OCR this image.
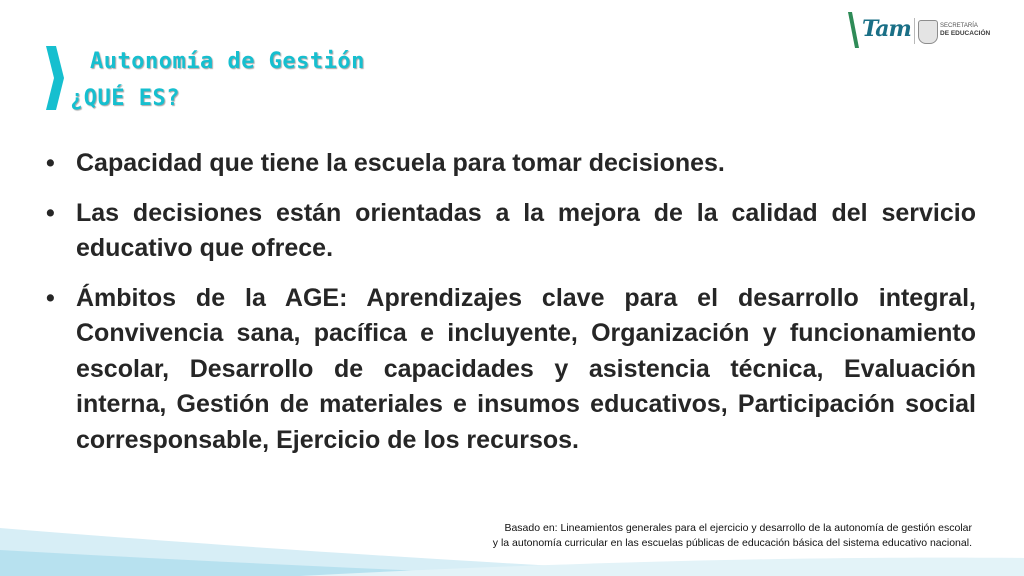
Autonomía de Gestión
¿QUÉ ES?
Tam	SECRETARÍA
DE EDUCACIÓN
• Capacidad que tiene la escuela para tomar decisiones.
• Las decisiones están orientadas a la mejora de la calidad del servicio educativo que ofrece.
• Ámbitos de la AGE: Aprendizajes clave para el desarrollo integral, Convivencia sana, pacífica e incluyente, Organización y funcionamiento escolar, Desarrollo de capacidades y asistencia técnica, Evaluación interna, Gestión de materiales e insumos educativos, Participación social corresponsable, Ejercicio de los recursos.
Basado en: Lineamientos generales para el ejercicio y desarrollo de la autonomía de gestión escolar
y la autonomía curricular en las escuelas públicas de educación básica del sistema educativo nacional.
